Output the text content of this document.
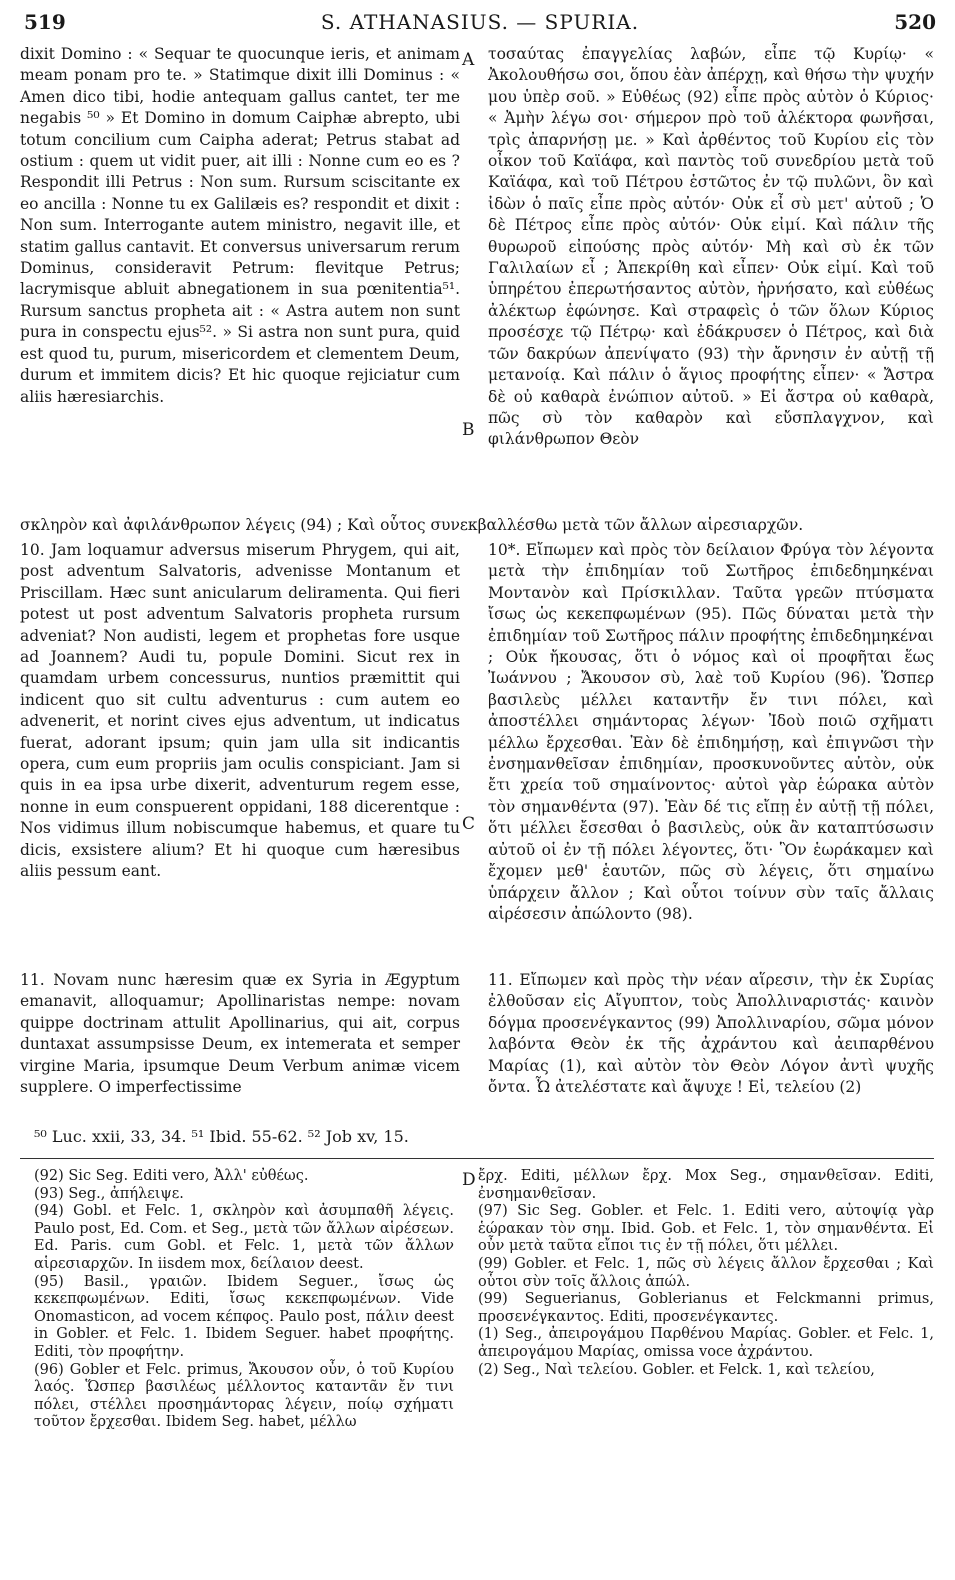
519	S. ATHANASIUS. — SPURIA.	520

dixit Domino : « Sequar te quocunque ieris, et animam meam ponam pro te. » Statimque dixit illi Dominus : « Amen dico tibi, hodie antequam gallus cantet, ter me negabis ⁵⁰ » Et Domino in domum Caiphæ abrepto, ubi totum concilium cum Caipha aderat; Petrus stabat ad ostium : quem ut vidit puer, ait illi : Nonne cum eo es ? Respondit illi Petrus : Non sum. Rursum sciscitante ex eo ancilla : Nonne tu ex Galilæis es? respondit et dixit : Non sum. Interrogante autem ministro, negavit ille, et statim gallus cantavit. Et conversus universarum rerum Dominus, consideravit Petrum: flevitque Petrus; lacrymisque abluit abnegationem in sua pœnitentia⁵¹. Rursum sanctus propheta ait : « Astra autem non sunt pura in conspectu ejus⁵². » Si astra non sunt pura, quid est quod tu, purum, misericordem et clementem Deum, durum et immitem dicis? Et hic quoque rejiciatur cum aliis hæresiarchis.

τοσαύτας ἐπαγγελίας λαβών, εἶπε τῷ Κυρίῳ· « Ἀκολουθήσω σοι, ὅπου ἐὰν ἀπέρχῃ, καὶ θήσω τὴν ψυχήν μου ὑπὲρ σοῦ. » Εὐθέως (92) εἶπε πρὸς αὐτὸν ὁ Κύριος· « Ἀμὴν λέγω σοι· σήμερον πρὸ τοῦ ἀλέκτορα φωνῆσαι, τρὶς ἀπαρνήσῃ με. » Καὶ ἀρθέντος τοῦ Κυρίου εἰς τὸν οἶκον τοῦ Καϊάφα, καὶ παντὸς τοῦ συνεδρίου μετὰ τοῦ Καϊάφα, καὶ τοῦ Πέτρου ἑστῶτος ἐν τῷ πυλῶνι, ὃν καὶ ἰδὼν ὁ παῖς εἶπε πρὸς αὐτόν· Οὐκ εἶ σὺ μετ' αὐτοῦ ; Ὁ δὲ Πέτρος εἶπε πρὸς αὐτόν· Οὐκ εἰμί. Καὶ πάλιν τῆς θυρωροῦ εἰπούσης πρὸς αὐτόν· Μὴ καὶ σὺ ἐκ τῶν Γαλιλαίων εἶ ; Ἀπεκρίθη καὶ εἶπεν· Οὐκ εἰμί. Καὶ τοῦ ὑπηρέτου ἐπερωτήσαντος αὐτὸν, ἠρνήσατο, καὶ εὐθέως ἀλέκτωρ ἐφώνησε. Καὶ στραφεὶς ὁ τῶν ὅλων Κύριος προσέσχε τῷ Πέτρῳ· καὶ ἐδάκρυσεν ὁ Πέτρος, καὶ διὰ τῶν δακρύων ἀπενίψατο (93) τὴν ἄρνησιν ἐν αὐτῇ τῇ μετανοίᾳ. Καὶ πάλιν ὁ ἅγιος προφήτης εἶπεν· « Ἄστρα δὲ οὐ καθαρὰ ἐνώπιον αὐτοῦ. » Εἰ ἄστρα οὐ καθαρὰ, πῶς σὺ τὸν καθαρὸν καὶ εὔσπλαγχνον, καὶ φιλάνθρωπον Θεὸν

σκληρὸν καὶ ἀφιλάνθρωπον λέγεις (94) ; Καὶ οὗτος συνεκβαλλέσθω μετὰ τῶν ἄλλων αἱρεσιαρχῶν.

10. Jam loquamur adversus miserum Phrygem, qui ait, post adventum Salvatoris, advenisse Montanum et Priscillam. Hæc sunt anicularum deliramenta. Qui fieri potest ut post adventum Salvatoris propheta rursum adveniat? Non audisti, legem et prophetas fore usque ad Joannem? Audi tu, popule Domini. Sicut rex in quamdam urbem concessurus, nuntios præmittit qui indicent quo sit cultu adventurus : cum autem eo advenerit, et norint cives ejus adventum, ut indicatus fuerat, adorant ipsum; quin jam ulla sit indicantis opera, cum eum propriis jam oculis conspiciant. Jam si quis in ea ipsa urbe dixerit, adventurum regem esse, nonne in eum conspuerent oppidani, 188 dicerentque : Nos vidimus illum nobiscumque habemus, et quare tu dicis, exsistere alium? Et hi quoque cum hæresibus aliis pessum eant.

10*. Εἴπωμεν καὶ πρὸς τὸν δείλαιον Φρύγα τὸν λέγοντα μετὰ τὴν ἐπιδημίαν τοῦ Σωτῆρος ἐπιδεδημηκέναι Μοντανὸν καὶ Πρίσκιλλαν. Ταῦτα γρεῶν πτύσματα ἴσως ὡς κεκεπφωμένων (95). Πῶς δύναται μετὰ τὴν ἐπιδημίαν τοῦ Σωτῆρος πάλιν προφήτης ἐπιδεδημηκέναι ; Οὐκ ἤκουσας, ὅτι ὁ νόμος καὶ οἱ προφῆται ἕως Ἰωάννου ; Ἄκουσον σὺ, λαὲ τοῦ Κυρίου (96). Ὥσπερ βασιλεὺς μέλλει καταντῆν ἔν τινι πόλει, καὶ ἀποστέλλει σημάντορας λέγων· Ἰδοὺ ποιῶ σχῆματι μέλλω ἔρχεσθαι. Ἐὰν δὲ ἐπιδημήσῃ, καὶ ἐπιγνῶσι τὴν ἐνσημανθεῖσαν ἐπιδημίαν, προσκυνοῦντες αὐτὸν, οὐκ ἔτι χρεία τοῦ σημαίνοντος· αὐτοὶ γὰρ ἑώρακα αὐτὸν τὸν σημανθέντα (97). Ἐὰν δέ τις εἴπῃ ἐν αὐτῇ τῇ πόλει, ὅτι μέλλει ἔσεσθαι ὁ βασιλεὺς, οὐκ ἂν καταπτύσωσιν αὐτοῦ οἱ ἐν τῇ πόλει λέγοντες, ὅτι· Ὃν ἑωράκαμεν καὶ ἔχομεν μεθ' ἑαυτῶν, πῶς σὺ λέγεις, ὅτι σημαίνω ὑπάρχειν ἄλλον ; Καὶ οὗτοι τοίνυν σὺν ταῖς ἄλλαις αἱρέσεσιν ἀπώλοντο (98).

11. Novam nunc hæresim quæ ex Syria in Ægyptum emanavit, alloquamur; Apollinaristas nempe: novam quippe doctrinam attulit Apollinarius, qui ait, corpus duntaxat assumpsisse Deum, ex intemerata et semper virgine Maria, ipsumque Deum Verbum animæ vicem supplere. O imperfectissime

11. Εἴπωμεν καὶ πρὸς τὴν νέαν αἵρεσιν, τὴν ἐκ Συρίας ἐλθοῦσαν εἰς Αἴγυπτον, τοὺς Ἀπολλιναριστάς· καινὸν δόγμα προσενέγκαντος (99) Ἀπολλιναρίου, σῶμα μόνον λαβόντα Θεὸν ἐκ τῆς ἀχράντου καὶ ἀειπαρθένου Μαρίας (1), καὶ αὐτὸν τὸν Θεὸν Λόγον ἀντὶ ψυχῆς ὄντα. Ὦ ἀτελέστατε καὶ ἄψυχε ! Εἰ, τελείου (2)

A
B
C
D
⁵⁰ Luc. xxii, 33, 34. ⁵¹ Ibid. 55-62. ⁵² Job xv, 15.

(92) Sic Seg. Editi vero, Ἀλλ' εὐθέως.

(93) Seg., ἀπήλειψε.

(94) Gobl. et Felc. 1, σκληρὸν καὶ ἀσυμπαθῆ λέγεις. Paulo post, Ed. Com. et Seg., μετὰ τῶν ἄλλων αἱρέσεων. Ed. Paris. cum Gobl. et Felc. 1, μετὰ τῶν ἄλλων αἱρεσιαρχῶν. In iisdem mox, δείλαιον deest.

(95) Basil., γραιῶν. Ibidem Seguer., ἴσως ὡς κεκεπφωμένων. Editi, ἴσως κεκεπφωμένων. Vide Onomasticon, ad vocem κέπφος. Paulo post, πάλιν deest in Gobler. et Felc. 1. Ibidem Seguer. habet προφήτης. Editi, τὸν προφήτην.

(96) Gobler et Felc. primus, Ἄκουσον οὖν, ὁ τοῦ Κυρίου λαός. Ὥσπερ βασιλέως μέλλοντος καταντᾶν ἔν τινι πόλει, στέλλει προσημάντορας λέγειν, ποίῳ σχήματι τοῦτον ἔρχεσθαι. Ibidem Seg. habet, μέλλω

ἔρχ. Editi, μέλλων ἔρχ. Mox Seg., σημανθεῖσαν. Editi, ἐνσημανθεῖσαν.

(97) Sic Seg. Gobler. et Felc. 1. Editi vero, αὐτοψίᾳ γὰρ ἑώρακαν τὸν σημ. Ibid. Gob. et Felc. 1, τὸν σημανθέντα. Εἰ οὖν μετὰ ταῦτα εἴποι τις ἐν τῇ πόλει, ὅτι μέλλει.

(99) Gobler. et Felc. 1, πῶς σὺ λέγεις ἄλλον ἔρχεσθαι ; Καὶ οὗτοι σὺν τοῖς ἄλλοις ἀπώλ.

(99) Seguerianus, Goblerianus et Felckmanni primus, προσενέγκαντος. Editi, προσενέγκαντες.

(1) Seg., ἀπειρογάμου Παρθένου Μαρίας. Gobler. et Felc. 1, ἀπειρογάμου Μαρίας, omissa voce ἀχράντου.

(2) Seg., Ναὶ τελείου. Gobler. et Felck. 1, καὶ τελείου,
